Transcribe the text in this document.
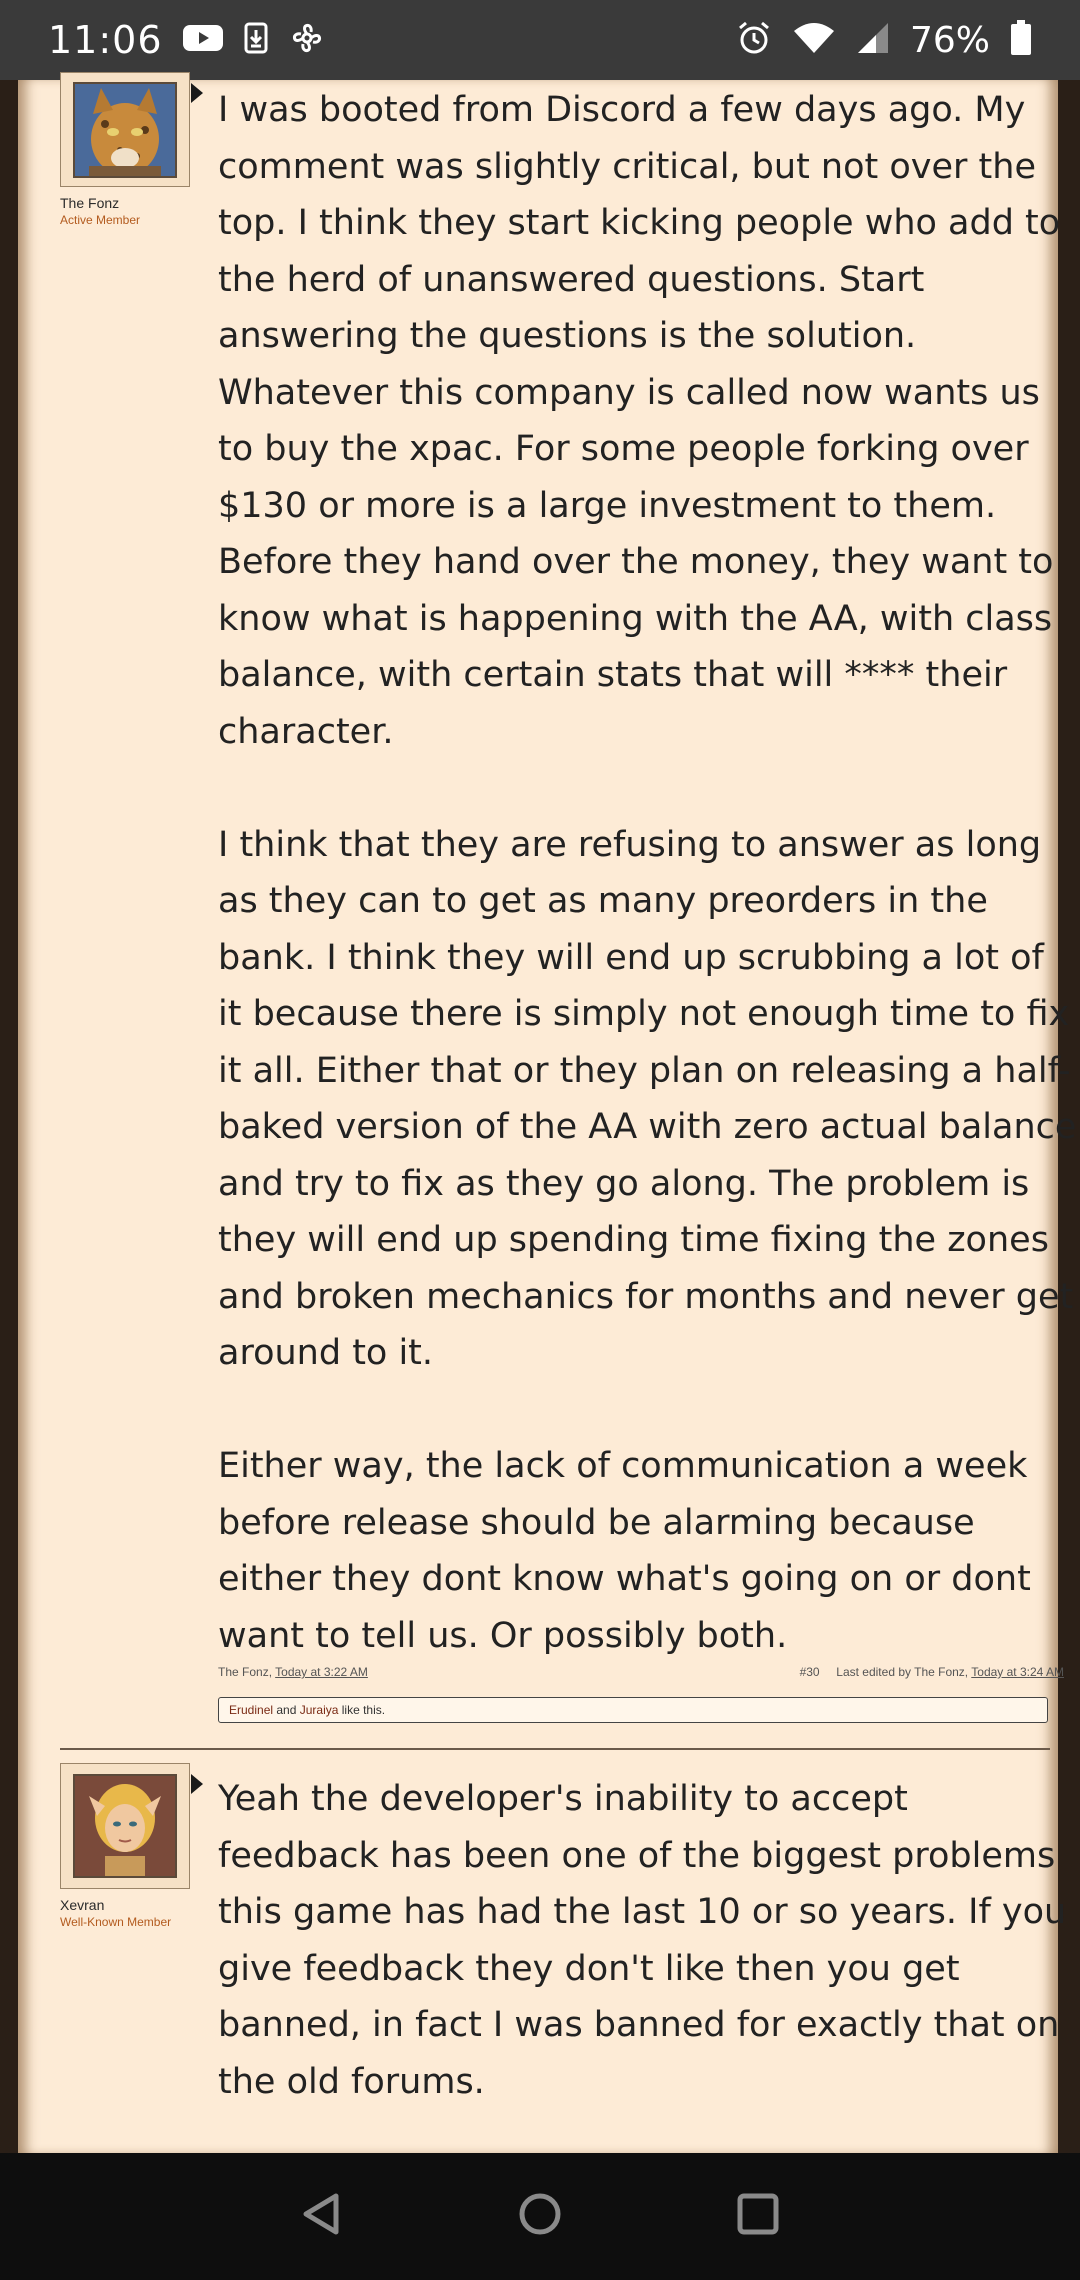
11:06	76%
The Fonz
Active Member

I was booted from Discord a few days ago. My comment was slightly critical, but not over the top. I think they start kicking people who add to the herd of unanswered questions. Start answering the questions is the solution. Whatever this company is called now wants us to buy the xpac. For some people forking over $130 or more is a large investment to them. Before they hand over the money, they want to know what is happening with the AA, with class balance, with certain stats that will **** their character.

I think that they are refusing to answer as long as they can to get as many preorders in the bank. I think they will end up scrubbing a lot of it because there is simply not enough time to fix it all. Either that or they plan on releasing a half-baked version of the AA with zero actual balance and try to fix as they go along. The problem is they will end up spending time fixing the zones and broken mechanics for months and never get around to it.

Either way, the lack of communication a week before release should be alarming because either they dont know what's going on or dont want to tell us. Or possibly both.

The Fonz, Today at 3:22 AM	#30 Last edited by The Fonz, Today at 3:24 AM
Erudinel and Juraiya like this.
Xevran
Well-Known Member

Yeah the developer's inability to accept feedback has been one of the biggest problems this game has had the last 10 or so years. If you give feedback they don't like then you get banned, in fact I was banned for exactly that on the old forums.
